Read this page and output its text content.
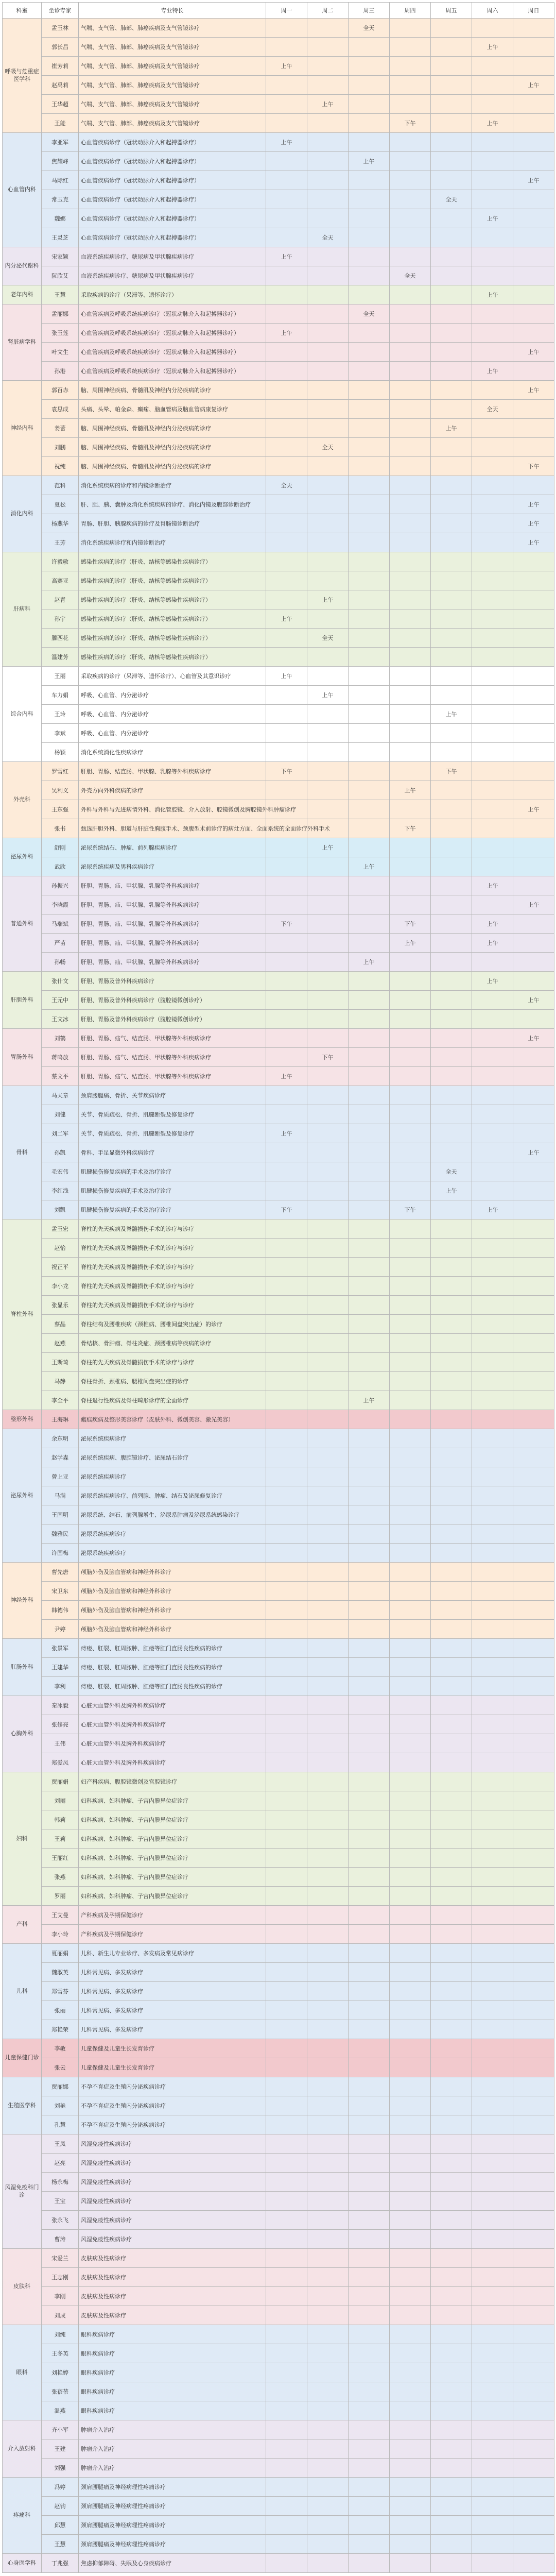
科室	坐诊专家	专业特长	周一	周二	周三	周四	周五	周六	周日
呼吸与危重症医学科	孟玉林	气喘、支气管、肺部、肺癌疾病及支气管镜诊疗			全天				
	郭长昌	气喘、支气管、肺部、肺癌疾病及支气管镜诊疗						上午	
	崔芳莉	气喘、支气管、肺部、肺癌疾病及支气管镜诊疗	上午						
	赵禹莉	气喘、支气管、肺部、肺癌疾病及支气管镜诊疗							上午
	王华超	气喘、支气管、肺部、肺癌疾病及支气管镜诊疗		上午					
	王能	气喘、支气管、肺部、肺癌疾病及支气管镜诊疗				下午		上午	
心血管内科	李亚军	心血管疾病诊疗（冠状动脉介入和起搏器诊疗）	上午						
	焦耀峰	心血管疾病诊疗（冠状动脉介入和起搏器诊疗）			上午				
	马际红	心血管疾病诊疗（冠状动脉介入和起搏器诊疗）							上午
	常玉克	心血管疾病诊疗（冠状动脉介入和起搏器诊疗）					全天		
	魏娜	心血管疾病诊疗（冠状动脉介入和起搏器诊疗）						上午	
	王灵芝	心血管疾病诊疗（冠状动脉介入和起搏器诊疗）		全天					
内分泌代谢科	宋家颖	血液系统疾病诊疗、糖尿病及甲状腺疾病诊疗	上午						
	阮欣艾	血液系统疾病诊疗、糖尿病及甲状腺疾病诊疗				全天			
老年内科	王慧	采取疾病的诊疗（呆滞等、遗怀诊疗）						上午	
肾脏病学科	孟丽娜	心血管疾病及呼吸系统疾病诊疗（冠状动脉介入和起搏器诊疗）			全天				
	张玉莲	心血管疾病及呼吸系统疾病诊疗（冠状动脉介入和起搏器诊疗）	上午						
	叶文生	心血管疾病及呼吸系统疾病诊疗（冠状动脉介入和起搏器诊疗）							上午
	孙港	心血管疾病及呼吸系统疾病诊疗（冠状动脉介入和起搏器诊疗）						上午	
神经内科	郭百赤	脑、周围神经疾病、骨髓肌及神经内分泌疾病的诊疗							上午
	袁思成	头痛、头晕、帕金森、癫痫、脑血管病及脑血管病康复诊疗						全天	
	姜蕾	脑、周围神经疾病、骨髓肌及神经内分泌疾病的诊疗					上午		
	刘鹏	脑、周围神经疾病、骨髓肌及神经内分泌疾病的诊疗		全天					
	祝纯	脑、周围神经疾病、骨髓肌及神经内分泌疾病的诊疗							下午
消化内科	范科	消化系统疾病的诊疗和内镜诊断治疗	全天						
	夏松	肝、胆、胰、囊肿及消化系统疾病的诊疗、消化内镜及腹部诊断治疗							上午
	杨燕华	胃肠、肝胆、胰腺疾病的诊疗及胃肠镜诊断治疗							上午
	王芳	消化系统疾病诊疗和内镜诊断治疗							上午
肝病科	许毅敏	感染性疾病的诊疗（肝炎、结核等感染性疾病诊疗）							
	高赛亚	感染性疾病的诊疗（肝炎、结核等感染性疾病诊疗）							
	赵青	感染性疾病的诊疗（肝炎、结核等感染性疾病诊疗）		上午					
	孙宇	感染性疾病的诊疗（肝炎、结核等感染性疾病诊疗）	上午						
	滕西花	感染性疾病的诊疗（肝炎、结核等感染性疾病诊疗）		全天					
	温建芳	感染性疾病的诊疗（肝炎、结核等感染性疾病诊疗）							
综合内科	王丽	采取疾病的诊疗（呆滞等、遗怀诊疗）、心血管及其意识诊疗	上午						
	车力娟	呼吸、心血管、内分泌诊疗		上午					
	王玲	呼吸、心血管、内分泌诊疗					上午		
	李斌	呼吸、心血管、内分泌诊疗							
	杨颖	消化系统消化性疾病诊疗							
外壳科	罗雪红	肝胆、胃肠、结直肠、甲状腺、乳腺等外科疾病诊疗	下午				下午		
	吴利义	外壳方向外科疾病的诊疗				上午			
	王东强	外科与外科与先进病情外科、消化管腔镜、介入放射、腔镜微创及胸腔镜外科肿瘤诊疗							上午
	张书	甄选肝胆外科、胆道与肝脏性胸腹手术、颈腹型术前诊疗的病灶方面、全面系统的全面诊疗外科手术				下午			
泌尿外科	舒刚	泌尿系统结石、肿瘤、前列腺疾病诊疗		上午					
	武欣	泌尿系统疾病及男科疾病诊疗			上午				
普通外科	孙振兴	肝胆、胃肠、疝、甲状腺、乳腺等外科疾病诊疗						上午	
	李晓霞	肝胆、胃肠、疝、甲状腺、乳腺等外科疾病诊疗							上午
	马瑞斌	肝胆、胃肠、疝、甲状腺、乳腺等外科疾病诊疗	下午			下午		上午	
	严苗	肝胆、胃肠、疝、甲状腺、乳腺等外科疾病诊疗				上午		上午	
	孙畅	肝胆、胃肠、疝、甲状腺、乳腺等外科疾病诊疗			上午				
肝胆外科	张什文	肝胆、胃肠及普外科疾病诊疗						上午	
	王元中	肝胆、胃肠及普外科疾病诊疗（腹腔镜微创诊疗）							上午
	王文冰	肝胆、胃肠及普外科疾病诊疗（腹腔镜微创诊疗）							
胃肠外科	刘鹤	肝胆、胃肠、疝气、结直肠、甲状腺等外科疾病诊疗							上午
	蒋鸣放	肝胆、胃肠、疝气、结直肠、甲状腺等外科疾病诊疗		下午					
	蔡文平	肝胆、胃肠、疝气、结直肠、甲状腺等外科疾病诊疗	上午						
骨科	马夫章	颈肩腰腿痛、骨折、关节疾病诊疗							
	刘健	关节、骨质疏松、骨折、肌腱断裂及修复诊疗							
	刘二军	关节、骨质疏松、骨折、肌腱断裂及修复诊疗	上午						
	孙凯	骨科、手足显微外科疾病诊疗							上午
	毛宏伟	肌腱损伤修复疾病的手术及治疗诊疗					全天		
	李红浅	肌腱损伤修复疾病的手术及治疗诊疗					上午		
	刘凯	肌腱损伤修复疾病的手术及治疗诊疗	下午			下午		上午	
脊柱外科	孟玉宏	脊柱的先天疾病及脊髓损伤手术的诊疗与诊疗							
	赵怡	脊柱的先天疾病及脊髓损伤手术的诊疗与诊疗							
	祝正平	脊柱的先天疾病及脊髓损伤手术的诊疗与诊疗							
	李小龙	脊柱的先天疾病及脊髓损伤手术的诊疗与诊疗							
	张显乐	脊柱的先天疾病及脊髓损伤手术的诊疗与诊疗							
	蔡晶	脊柱结构及腰椎疾病（颈椎病、腰椎间盘突出症）的诊疗							
	赵燕	骨结核、骨肿瘤、脊柱炎症、颈腰椎病等疾病的诊疗							
	王斯琦	脊柱的先天疾病及脊髓损伤手术的诊疗与诊疗							
	马静	脊柱骨折、颈椎病、腰椎间盘突出症的诊疗							
	李全平	脊柱退行性疾病及脊柱畸形诊疗的全面诊疗			上午				
整形外科	王海琳	瘢痕疾病及整形美容诊疗（皮肤外科、微创美容、激光美容）							
泌尿外科	余东明	泌尿系统疾病诊疗							
	赵学森	泌尿系统疾病、腹腔镜诊疗、泌尿结石诊疗							
	曾上亚	泌尿系统疾病诊疗							
	马满	泌尿系统疾病诊疗、前列腺、肿瘤、结石及泌尿修复诊疗							
	王国明	泌尿系统、结石、前列腺增生、泌尿系肿瘤及泌尿系统感染诊疗							
	魏雅民	泌尿系统疾病诊疗							
	许国梅	泌尿系统疾病诊疗							
神经外科	曹先唐	颅脑外伤及脑血管病和神经外科诊疗							
	宋卫东	颅脑外伤及脑血管病和神经外科诊疗							
	韩德伟	颅脑外伤及脑血管病和神经外科诊疗							
	尹婷	颅脑外伤及脑血管病和神经外科诊疗							
肛肠外科	张景军	痔瘘、肛裂、肛周脓肿、肛瘘等肛门直肠良性疾病的诊疗							
	王建华	痔瘘、肛裂、肛周脓肿、肛瘘等肛门直肠良性疾病的诊疗							
	李利	痔瘘、肛裂、肛周脓肿、肛瘘等肛门直肠良性疾病的诊疗							
心胸外科	秦冰毅	心脏大血管外科及胸外科疾病诊疗							
	张修亮	心脏大血管外科及胸外科疾病诊疗							
	王伟	心脏大血管外科及胸外科疾病诊疗							
	郑爱凤	心脏大血管外科及胸外科疾病诊疗							
妇科	贾丽娟	妇产科疾病、腹腔镜微创及宫腔镜诊疗							
	刘丽	妇科疾病、妇科肿瘤、子宫内膜异位症诊疗							
	韩莉	妇科疾病、妇科肿瘤、子宫内膜异位症诊疗							
	王莉	妇科疾病、妇科肿瘤、子宫内膜异位症诊疗							
	王丽红	妇科疾病、妇科肿瘤、子宫内膜异位症诊疗							
	张燕	妇科疾病、妇科肿瘤、子宫内膜异位症诊疗							
	罗丽	妇科疾病、妇科肿瘤、子宫内膜异位症诊疗							
产科	王艾曼	产科疾病及孕期保健诊疗							
	李小玲	产科疾病及孕期保健诊疗							
儿科	夏丽娟	儿科、新生儿专业诊疗、多发病及常见病诊疗							
	魏淑英	儿科常见病、多发病诊疗							
	郑雪芬	儿科常见病、多发病诊疗							
	张丽	儿科常见病、多发病诊疗							
	郑艳荣	儿科常见病、多发病诊疗							
儿童保健门诊	李敏	儿童保健及儿童生长发育诊疗							
	张云	儿童保健及儿童生长发育诊疗							
生殖医学科	贾丽娜	不孕不育症及生殖内分泌疾病诊疗							
	刘艳	不孕不育症及生殖内分泌疾病诊疗							
	孔慧	不孕不育症及生殖内分泌疾病诊疗							
风湿免疫科门诊	王凤	风湿免疫性疾病诊疗							
	赵亮	风湿免疫性疾病诊疗							
	杨永梅	风湿免疫性疾病诊疗							
	王宝	风湿免疫性疾病诊疗							
	张永飞	风湿免疫性疾病诊疗							
	曹涛	风湿免疫性疾病诊疗							
皮肤科	宋爱兰	皮肤病及性病诊疗							
	王志刚	皮肤病及性病诊疗							
	李刚	皮肤病及性病诊疗							
	刘成	皮肤病及性病诊疗							
眼科	刘纯	眼科疾病诊疗							
	王冬英	眼科疾病诊疗							
	刘艳婷	眼科疾病诊疗							
	张蓓蓓	眼科疾病诊疗							
	温燕	眼科疾病诊疗							
介入放射科	齐小军	肿瘤介入治疗							
	王建	肿瘤介入治疗							
	刘强	肿瘤介入治疗							
疼痛科	冯婷	颈肩腰腿痛及神经病理性疼痛诊疗							
	赵钧	颈肩腰腿痛及神经病理性疼痛诊疗							
	邱慧	颈肩腰腿痛及神经病理性疼痛诊疗							
	王慧	颈肩腰腿痛及神经病理性疼痛诊疗							
心身医学科	丁兆强	焦虑抑郁障碍、失眠及心身疾病诊疗							
